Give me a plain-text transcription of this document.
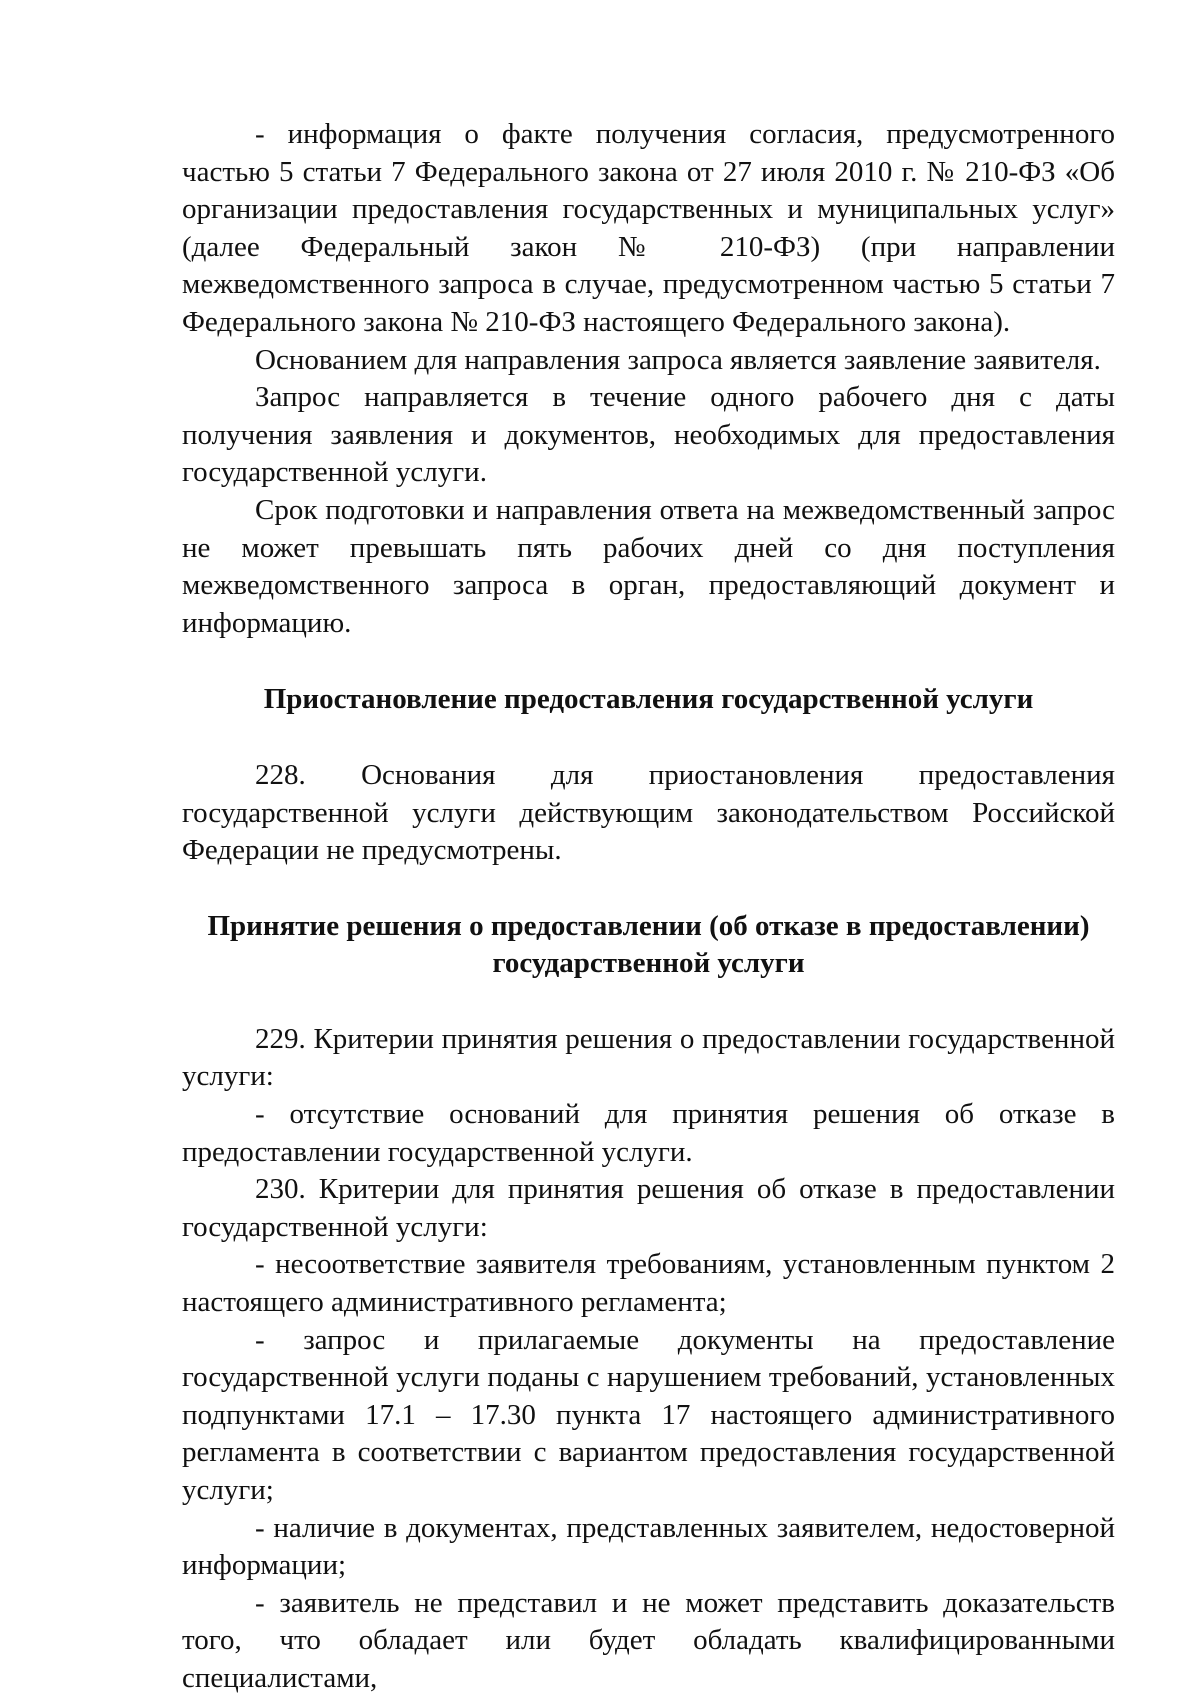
- информация о факте получения согласия, предусмотренного частью 5 статьи 7 Федерального закона от 27 июля 2010 г. № 210-ФЗ «Об организации предоставления государственных и муниципальных услуг» (далее Федеральный закон № 210-ФЗ) (при направлении межведомственного запроса в случае, предусмотренном частью 5 статьи 7 Федерального закона № 210-ФЗ настоящего Федерального закона).

Основанием для направления запроса является заявление заявителя.

Запрос направляется в течение одного рабочего дня с даты получения заявления и документов, необходимых для предоставления государственной услуги.

Срок подготовки и направления ответа на межведомственный запрос не может превышать пять рабочих дней со дня поступления межведомственного запроса в орган, предоставляющий документ и информацию.

Приостановление предоставления государственной услуги

228. Основания для приостановления предоставления государственной услуги действующим законодательством Российской Федерации не предусмотрены.

Принятие решения о предоставлении (об отказе в предоставлении)

государственной услуги

229. Критерии принятия решения о предоставлении государственной услуги:

- отсутствие оснований для принятия решения об отказе в предоставлении государственной услуги.

230. Критерии для принятия решения об отказе в предоставлении государственной услуги:

- несоответствие заявителя требованиям, установленным пунктом 2 настоящего административного регламента;

- запрос и прилагаемые документы на предоставление государственной услуги поданы с нарушением требований, установленных подпунктами 17.1 – 17.30 пункта 17 настоящего административного регламента в соответствии с вариантом предоставления государственной услуги;

- наличие в документах, представленных заявителем, недостоверной информации;

- заявитель не представил и не может представить доказательств того, что обладает или будет обладать квалифицированными специалистами,
